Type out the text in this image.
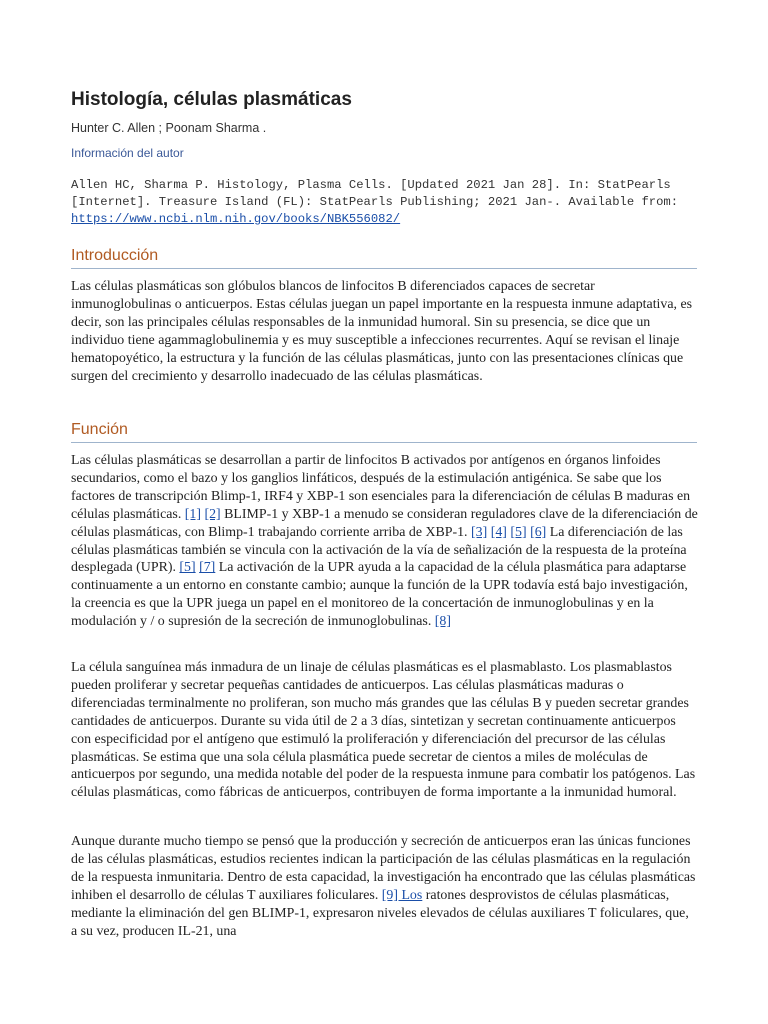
Histología, células plasmáticas
Hunter C. Allen ; Poonam Sharma .
Información del autor
Allen HC, Sharma P. Histology, Plasma Cells. [Updated 2021 Jan 28]. In: StatPearls
[Internet]. Treasure Island (FL): StatPearls Publishing; 2021 Jan-. Available from:
https://www.ncbi.nlm.nih.gov/books/NBK556082/
Introducción

Las células plasmáticas son glóbulos blancos de linfocitos B diferenciados capaces de secretar inmunoglobulinas o anticuerpos. Estas células juegan un papel importante en la respuesta inmune adaptativa, es decir, son las principales células responsables de la inmunidad humoral. Sin su presencia, se dice que un individuo tiene agammaglobulinemia y es muy susceptible a infecciones recurrentes. Aquí se revisan el linaje hematopoyético, la estructura y la función de las células plasmáticas, junto con las presentaciones clínicas que surgen del crecimiento y desarrollo inadecuado de las células plasmáticas.

Función

Las células plasmáticas se desarrollan a partir de linfocitos B activados por antígenos en órganos linfoides secundarios, como el bazo y los ganglios linfáticos, después de la estimulación antigénica. Se sabe que los factores de transcripción Blimp-1, IRF4 y XBP-1 son esenciales para la diferenciación de células B maduras en células plasmáticas. [1] [2] BLIMP-1 y XBP-1 a menudo se consideran reguladores clave de la diferenciación de células plasmáticas, con Blimp-1 trabajando corriente arriba de XBP-1. [3] [4] [5] [6] La diferenciación de las células plasmáticas también se vincula con la activación de la vía de señalización de la respuesta de la proteína desplegada (UPR). [5] [7] La activación de la UPR ayuda a la capacidad de la célula plasmática para adaptarse continuamente a un entorno en constante cambio; aunque la función de la UPR todavía está bajo investigación, la creencia es que la UPR juega un papel en el monitoreo de la concertación de inmunoglobulinas y en la modulación y / o supresión de la secreción de inmunoglobulinas. [8]

La célula sanguínea más inmadura de un linaje de células plasmáticas es el plasmablasto. Los plasmablastos pueden proliferar y secretar pequeñas cantidades de anticuerpos. Las células plasmáticas maduras o diferenciadas terminalmente no proliferan, son mucho más grandes que las células B y pueden secretar grandes cantidades de anticuerpos. Durante su vida útil de 2 a 3 días, sintetizan y secretan continuamente anticuerpos con especificidad por el antígeno que estimuló la proliferación y diferenciación del precursor de las células plasmáticas. Se estima que una sola célula plasmática puede secretar de cientos a miles de moléculas de anticuerpos por segundo, una medida notable del poder de la respuesta inmune para combatir los patógenos. Las células plasmáticas, como fábricas de anticuerpos, contribuyen de forma importante a la inmunidad humoral.

Aunque durante mucho tiempo se pensó que la producción y secreción de anticuerpos eran las únicas funciones de las células plasmáticas, estudios recientes indican la participación de las células plasmáticas en la regulación de la respuesta inmunitaria. Dentro de esta capacidad, la investigación ha encontrado que las células plasmáticas inhiben el desarrollo de células T auxiliares foliculares. [9] Los ratones desprovistos de células plasmáticas, mediante la eliminación del gen BLIMP-1, expresaron niveles elevados de células auxiliares T foliculares, que, a su vez, producen IL-21, una
